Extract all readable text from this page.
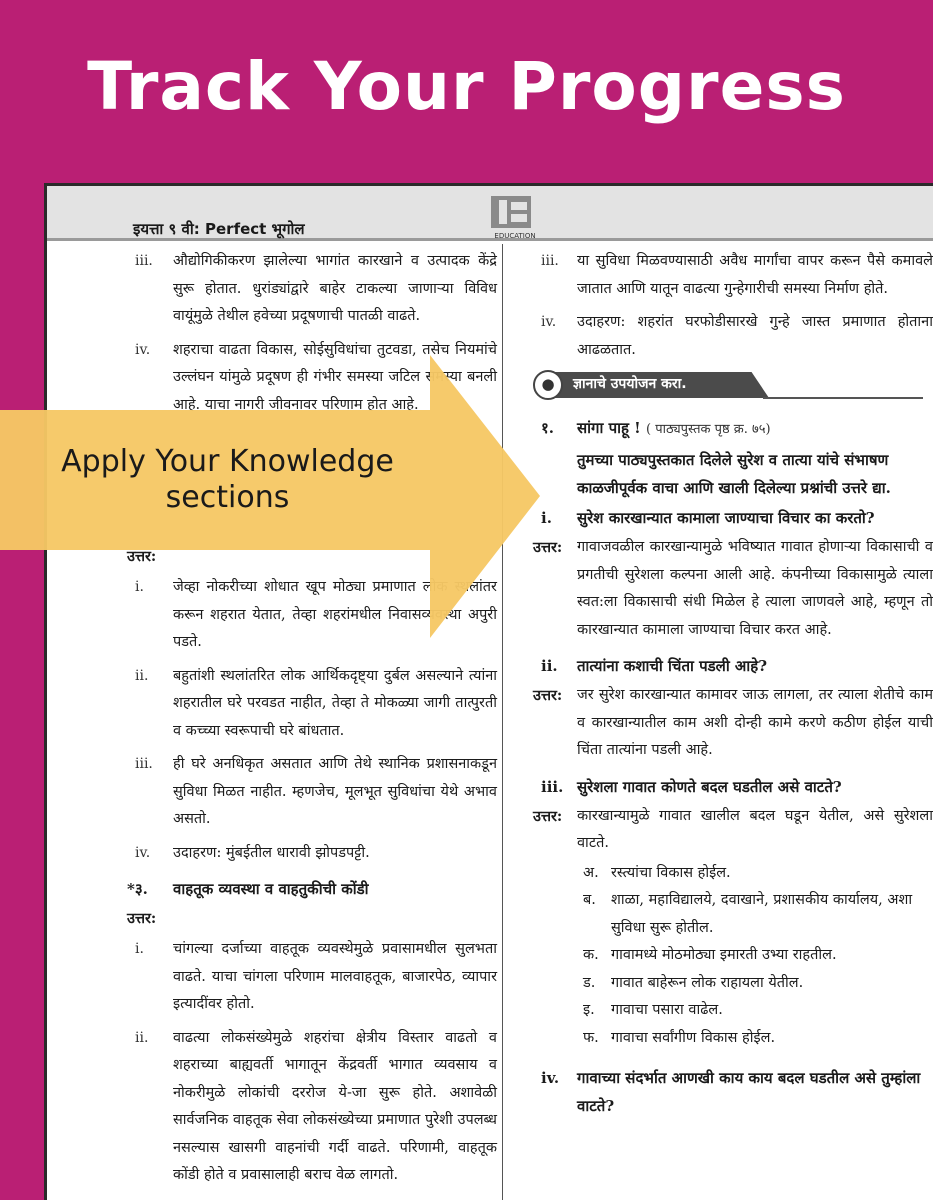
Track Your Progress
इयत्ता ९ वी: Perfect भूगोल	EDUCATION
iii. औद्योगिकीकरण झालेल्या भागांत कारखाने व उत्पादक केंद्रे सुरू होतात. धुरांड्यांद्वारे बाहेर टाकल्या जाणाऱ्या विविध वायूंमुळे तेथील हवेच्या प्रदूषणाची पातळी वाढते.
iv. शहराचा वाढता विकास, सोईसुविधांचा तुटवडा, तसेच नियमांचे उल्लंघन यांमुळे प्रदूषण ही गंभीर समस्या जटिल समस्या बनली आहे. याचा नागरी जीवनावर परिणाम होत आहे.
उत्तर:
i. जेव्हा नोकरीच्या शोधात खूप मोठ्या प्रमाणात लोक स्थलांतर करून शहरात येतात, तेव्हा शहरांमधील निवासव्यवस्था अपुरी पडते.
ii. बहुतांशी स्थलांतरित लोक आर्थिकदृष्ट्या दुर्बल असल्याने त्यांना शहरातील घरे परवडत नाहीत, तेव्हा ते मोकळ्या जागी तात्पुरती व कच्च्या स्वरूपाची घरे बांधतात.
iii. ही घरे अनधिकृत असतात आणि तेथे स्थानिक प्रशासनाकडून सुविधा मिळत नाहीत. म्हणजेच, मूलभूत सुविधांचा येथे अभाव असतो.
iv. उदाहरण: मुंबईतील धारावी झोपडपट्टी.
*३. वाहतूक व्यवस्था व वाहतुकीची कोंडी
उत्तर:
i. चांगल्या दर्जाच्या वाहतूक व्यवस्थेमुळे प्रवासामधील सुलभता वाढते. याचा चांगला परिणाम मालवाहतूक, बाजारपेठ, व्यापार इत्यादींवर होतो.
ii. वाढत्या लोकसंख्येमुळे शहरांचा क्षेत्रीय विस्तार वाढतो व शहराच्या बाह्यवर्ती भागातून केंद्रवर्ती भागात व्यवसाय व नोकरीमुळे लोकांची दररोज ये-जा सुरू होते. अशावेळी सार्वजनिक वाहतूक सेवा लोकसंख्येच्या प्रमाणात पुरेशी उपलब्ध नसल्यास खासगी वाहनांची गर्दी वाढते. परिणामी, वाहतूक कोंडी होते व प्रवासालाही बराच वेळ लागतो.
iii. या सुविधा मिळवण्यासाठी अवैध मार्गांचा वापर करून पैसे कमावले जातात आणि यातून वाढत्या गुन्हेगारीची समस्या निर्माण होते.
iv. उदाहरण: शहरांत घरफोडीसारखे गुन्हे जास्त प्रमाणात होताना आढळतात.
●	ज्ञानाचे उपयोजन करा.
१. सांगा पाहू ! ( पाठ्यपुस्तक पृष्ठ क्र. ७५)
तुमच्या पाठ्यपुस्तकात दिलेले सुरेश व तात्या यांचे संभाषण काळजीपूर्वक वाचा आणि खाली दिलेल्या प्रश्नांची उत्तरे द्या.
i. सुरेश कारखान्यात कामाला जाण्याचा विचार का करतो?
उत्तर: गावाजवळील कारखान्यामुळे भविष्यात गावात होणाऱ्या विकासाची व प्रगतीची सुरेशला कल्पना आली आहे. कंपनीच्या विकासामुळे त्याला स्वत:ला विकासाची संधी मिळेल हे त्याला जाणवले आहे, म्हणून तो कारखान्यात कामाला जाण्याचा विचार करत आहे.
ii. तात्यांना कशाची चिंता पडली आहे?
उत्तर: जर सुरेश कारखान्यात कामावर जाऊ लागला, तर त्याला शेतीचे काम व कारखान्यातील काम अशी दोन्ही कामे करणे कठीण होईल याची चिंता तात्यांना पडली आहे.
iii. सुरेशला गावात कोणते बदल घडतील असे वाटते?
उत्तर: कारखान्यामुळे गावात खालील बदल घडून येतील, असे सुरेशला वाटते.
अ. रस्त्यांचा विकास होईल.
ब. शाळा, महाविद्यालये, दवाखाने, प्रशासकीय कार्यालय, अशा सुविधा सुरू होतील.
क. गावामध्ये मोठमोठ्या इमारती उभ्या राहतील.
ड. गावात बाहेरून लोक राहायला येतील.
इ. गावाचा पसारा वाढेल.
फ. गावाचा सर्वांगीण विकास होईल.
iv. गावाच्या संदर्भात आणखी काय काय बदल घडतील असे तुम्हांला वाटते?
Apply Your Knowledge
sections
